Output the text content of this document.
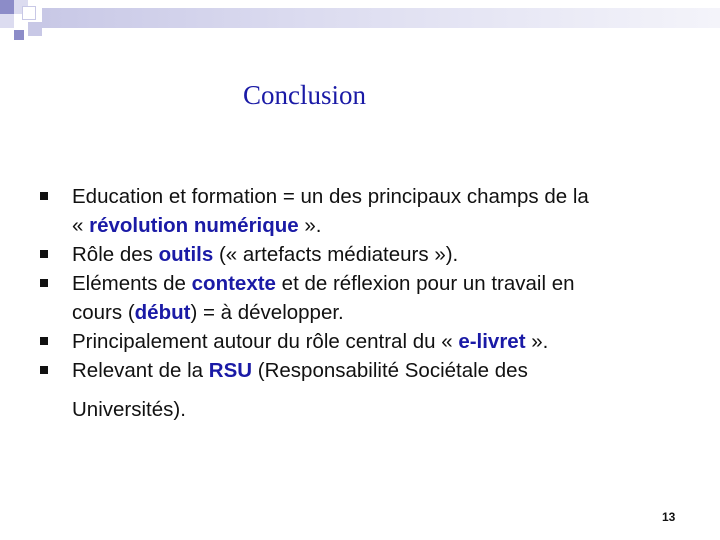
Conclusion
Education et formation = un des principaux champs de la
« révolution numérique ».
Rôle des outils (« artefacts médiateurs »).
Eléments de contexte et de réflexion pour un travail en
cours (début) = à développer.
Principalement autour du rôle central du « e-livret ».
Relevant de la RSU (Responsabilité Sociétale des
Universités).
13
